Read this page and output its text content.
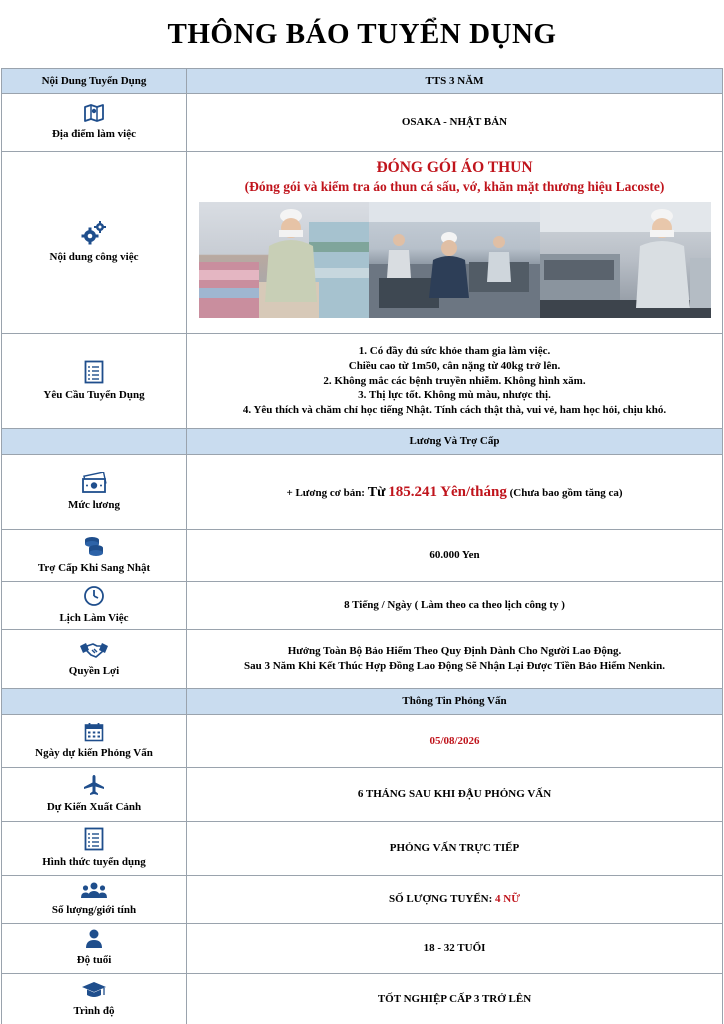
THÔNG BÁO TUYỂN DỤNG
Nội Dung Tuyển Dụng	TTS 3 NĂM

Địa điểm làm việc	OSAKA - NHẬT BẢN

Nội dung công việc	ĐÓNG GÓI ÁO THUN
(Đóng gói và kiểm tra áo thun cá sấu, vớ, khăn mặt thương hiệu Lacoste)

Yêu Cầu Tuyển Dụng	1. Có đầy đủ sức khỏe tham gia làm việc.
Chiều cao từ 1m50, cân nặng từ 40kg trở lên.
2. Không mắc các bệnh truyền nhiễm. Không hình xăm.
3. Thị lực tốt. Không mù màu, nhược thị.
4. Yêu thích và chăm chỉ học tiếng Nhật. Tính cách thật thà, vui vẻ, ham học hỏi, chịu khó.

	Lương Và Trợ Cấp

Mức lương	+ Lương cơ bản: Từ 185.241 Yên/tháng (Chưa bao gồm tăng ca)

Trợ Cấp Khi Sang Nhật	60.000 Yen

Lịch Làm Việc	8 Tiếng / Ngày ( Làm theo ca theo lịch công ty )

Quyền Lợi	Hưởng Toàn Bộ Bảo Hiểm Theo Quy Định Dành Cho Người Lao Động.
Sau 3 Năm Khi Kết Thúc Hợp Đồng Lao Động Sẽ Nhận Lại Được Tiền Bảo Hiểm Nenkin.

	Thông Tin Phỏng Vấn

Ngày dự kiến Phỏng Vấn	05/08/2026

Dự Kiến Xuất Cảnh	6 THÁNG SAU KHI ĐẬU PHỎNG VẤN

Hình thức tuyển dụng	PHỎNG VẤN TRỰC TIẾP

Số lượng/giới tính	SỐ LƯỢNG TUYỂN: 4 NỮ

Độ tuổi	18 - 32 TUỔI

Trình độ	TỐT NGHIỆP CẤP 3 TRỞ LÊN
